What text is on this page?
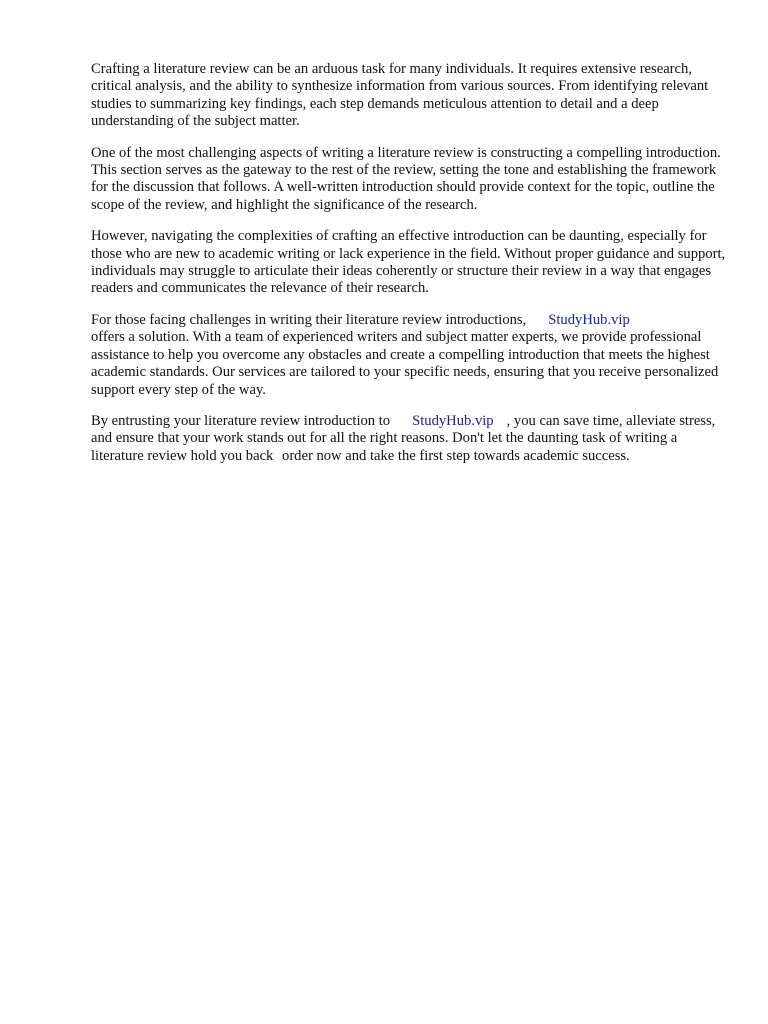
Crafting a literature review can be an arduous task for many individuals. It requires extensive research, critical analysis, and the ability to synthesize information from various sources. From identifying relevant studies to summarizing key findings, each step demands meticulous attention to detail and a deep understanding of the subject matter.

One of the most challenging aspects of writing a literature review is constructing a compelling introduction. This section serves as the gateway to the rest of the review, setting the tone and establishing the framework for the discussion that follows. A well-written introduction should provide context for the topic, outline the scope of the review, and highlight the significance of the research.

However, navigating the complexities of crafting an effective introduction can be daunting, especially for those who are new to academic writing or lack experience in the field. Without proper guidance and support, individuals may struggle to articulate their ideas coherently or structure their review in a way that engages readers and communicates the relevance of their research.

For those facing challenges in writing their literature review introductions, StudyHub.vip
offers a solution. With a team of experienced writers and subject matter experts, we provide professional assistance to help you overcome any obstacles and create a compelling introduction that meets the highest academic standards. Our services are tailored to your specific needs, ensuring that you receive personalized support every step of the way.

By entrusting your literature review introduction to StudyHub.vip , you can save time, alleviate stress, and ensure that your work stands out for all the right reasons. Don't let the daunting task of writing a literature review hold you back order now and take the first step towards academic success.
